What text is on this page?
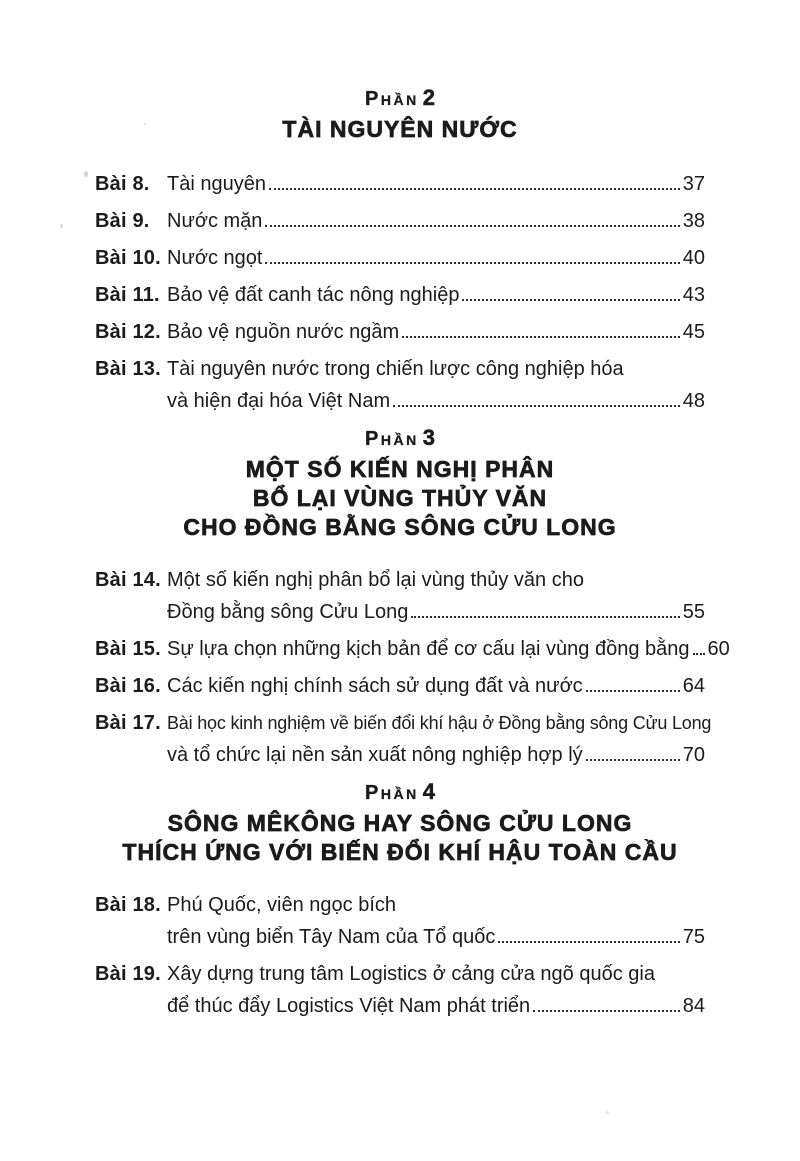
Phần 2
TÀI NGUYÊN NƯỚC
Bài 8. Tài nguyên	37
Bài 9. Nước mặn	38
Bài 10. Nước ngọt	40
Bài 11. Bảo vệ đất canh tác nông nghiệp	43
Bài 12. Bảo vệ nguồn nước ngầm	45
Bài 13. Tài nguyên nước trong chiến lược công nghiệp hóa
và hiện đại hóa Việt Nam	48
Phần 3
MỘT SỐ KIẾN NGHỊ PHÂN
BỔ LẠI VÙNG THỦY VĂN
CHO ĐỒNG BẰNG SÔNG CỬU LONG
Bài 14. Một số kiến nghị phân bổ lại vùng thủy văn cho
Đồng bằng sông Cửu Long	55
Bài 15. Sự lựa chọn những kịch bản để cơ cấu lại vùng đồng bằng 60
Bài 16. Các kiến nghị chính sách sử dụng đất và nước	64
Bài 17. Bài học kinh nghiệm về biến đổi khí hậu ở Đồng bằng sông Cửu Long
và tổ chức lại nền sản xuất nông nghiệp hợp lý	70
Phần 4
SÔNG MÊKÔNG HAY SÔNG CỬU LONG
THÍCH ỨNG VỚI BIẾN ĐỔI KHÍ HẬU TOÀN CẦU
Bài 18. Phú Quốc, viên ngọc bích
trên vùng biển Tây Nam của Tổ quốc	75
Bài 19. Xây dựng trung tâm Logistics ở cảng cửa ngõ quốc gia
để thúc đẩy Logistics Việt Nam phát triển	84
